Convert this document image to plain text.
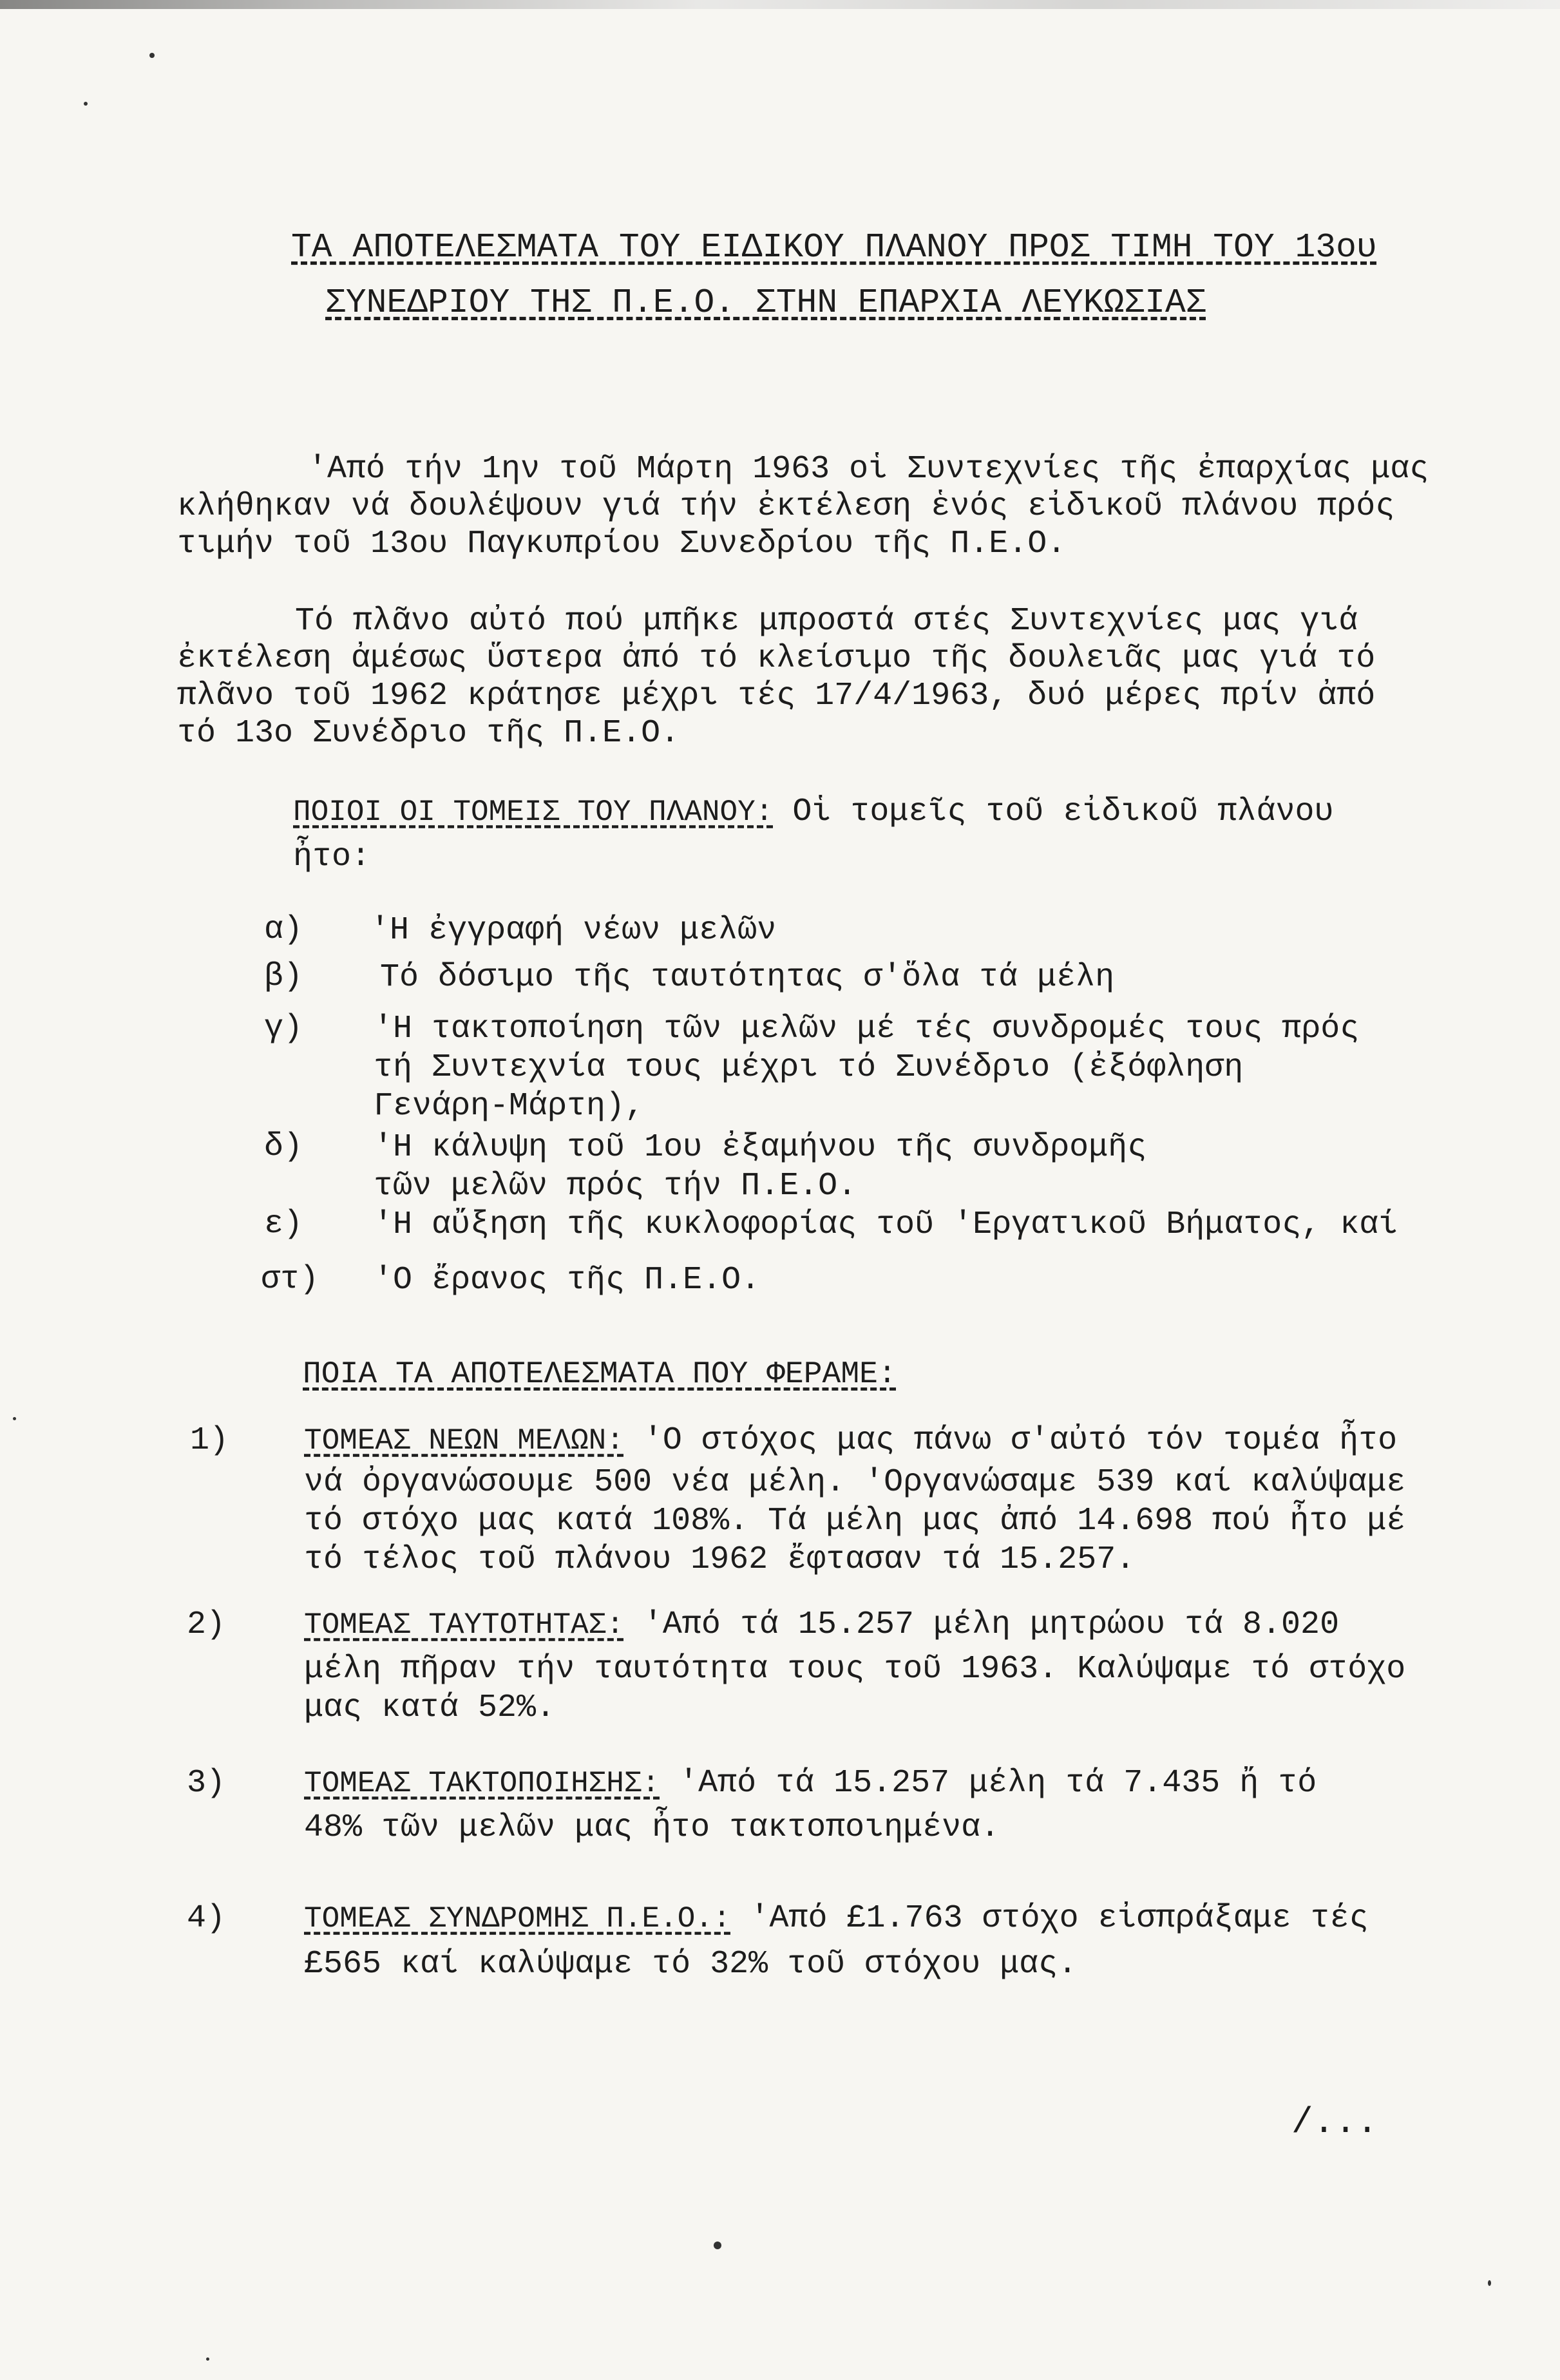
ΤΑ ΑΠΟΤΕΛΕΣΜΑΤΑ ΤΟΥ ΕΙΔΙΚΟΥ ΠΛΑΝΟΥ ΠΡΟΣ ΤΙΜΗ ΤΟΥ 13ου
ΣΥΝΕΔΡΙΟΥ ΤΗΣ Π.Ε.Ο. ΣΤΗΝ ΕΠΑΡΧΙΑ ΛΕΥΚΩΣΙΑΣ
'Από τήν 1ην τοῦ Μάρτη 1963 οἱ Συντεχνίες τῆς ἐπαρχίας μας
κλήθηκαν νά δουλέψουν γιά τήν ἐκτέλεση ἑνός εἰδικοῦ πλάνου πρός
τιμήν τοῦ 13ου Παγκυπρίου Συνεδρίου τῆς Π.Ε.Ο.
Τό πλᾶνο αὐτό πού μπῆκε μπροστά στές Συντεχνίες μας γιά
ἐκτέλεση ἀμέσως ὕστερα ἀπό τό κλείσιμο τῆς δουλειᾶς μας γιά τό
πλᾶνο τοῦ 1962 κράτησε μέχρι τές 17/4/1963, δυό μέρες πρίν ἀπό
τό 13ο Συνέδριο τῆς Π.Ε.Ο.
ΠΟΙΟΙ ΟΙ ΤΟΜΕΙΣ ΤΟΥ ΠΛΑΝΟΥ: Οἱ τομεῖς τοῦ εἰδικοῦ πλάνου
ἦτο:
α) 'Η ἐγγραφή νέων μελῶν
β) Τό δόσιμο τῆς ταυτότητας σ'ὅλα τά μέλη
γ) 'Η τακτοποίηση τῶν μελῶν μέ τές συνδρομές τους πρός
τή Συντεχνία τους μέχρι τό Συνέδριο (ἐξόφληση
Γενάρη-Μάρτη),
δ) 'Η κάλυψη τοῦ 1ου ἐξαμήνου τῆς συνδρομῆς
τῶν μελῶν πρός τήν Π.Ε.Ο.
ε) 'Η αὔξηση τῆς κυκλοφορίας τοῦ 'Εργατικοῦ Βήματος, καί
στ) 'Ο ἔρανος τῆς Π.Ε.Ο.
ΠΟΙΑ ΤΑ ΑΠΟΤΕΛΕΣΜΑΤΑ ΠΟΥ ΦΕΡΑΜΕ:
1)	ΤΟΜΕΑΣ ΝΕΩΝ ΜΕΛΩΝ: 'Ο στόχος μας πάνω σ'αὐτό τόν τομέα ἦτο
νά ὀργανώσουμε 500 νέα μέλη. 'Οργανώσαμε 539 καί καλύψαμε
τό στόχο μας κατά 108%. Τά μέλη μας ἀπό 14.698 πού ἦτο μέ
τό τέλος τοῦ πλάνου 1962 ἔφτασαν τά 15.257.
2)	ΤΟΜΕΑΣ ΤΑΥΤΟΤΗΤΑΣ: 'Από τά 15.257 μέλη μητρώου τά 8.020
μέλη πῆραν τήν ταυτότητα τους τοῦ 1963. Καλύψαμε τό στόχο
μας κατά 52%.
3)	ΤΟΜΕΑΣ ΤΑΚΤΟΠΟΙΗΣΗΣ: 'Από τά 15.257 μέλη τά 7.435 ἤ τό
48% τῶν μελῶν μας ἦτο τακτοποιημένα.
4)	ΤΟΜΕΑΣ ΣΥΝΔΡΟΜΗΣ Π.Ε.Ο.: 'Από £1.763 στόχο εἰσπράξαμε τές
£565 καί καλύψαμε τό 32% τοῦ στόχου μας.
/...
